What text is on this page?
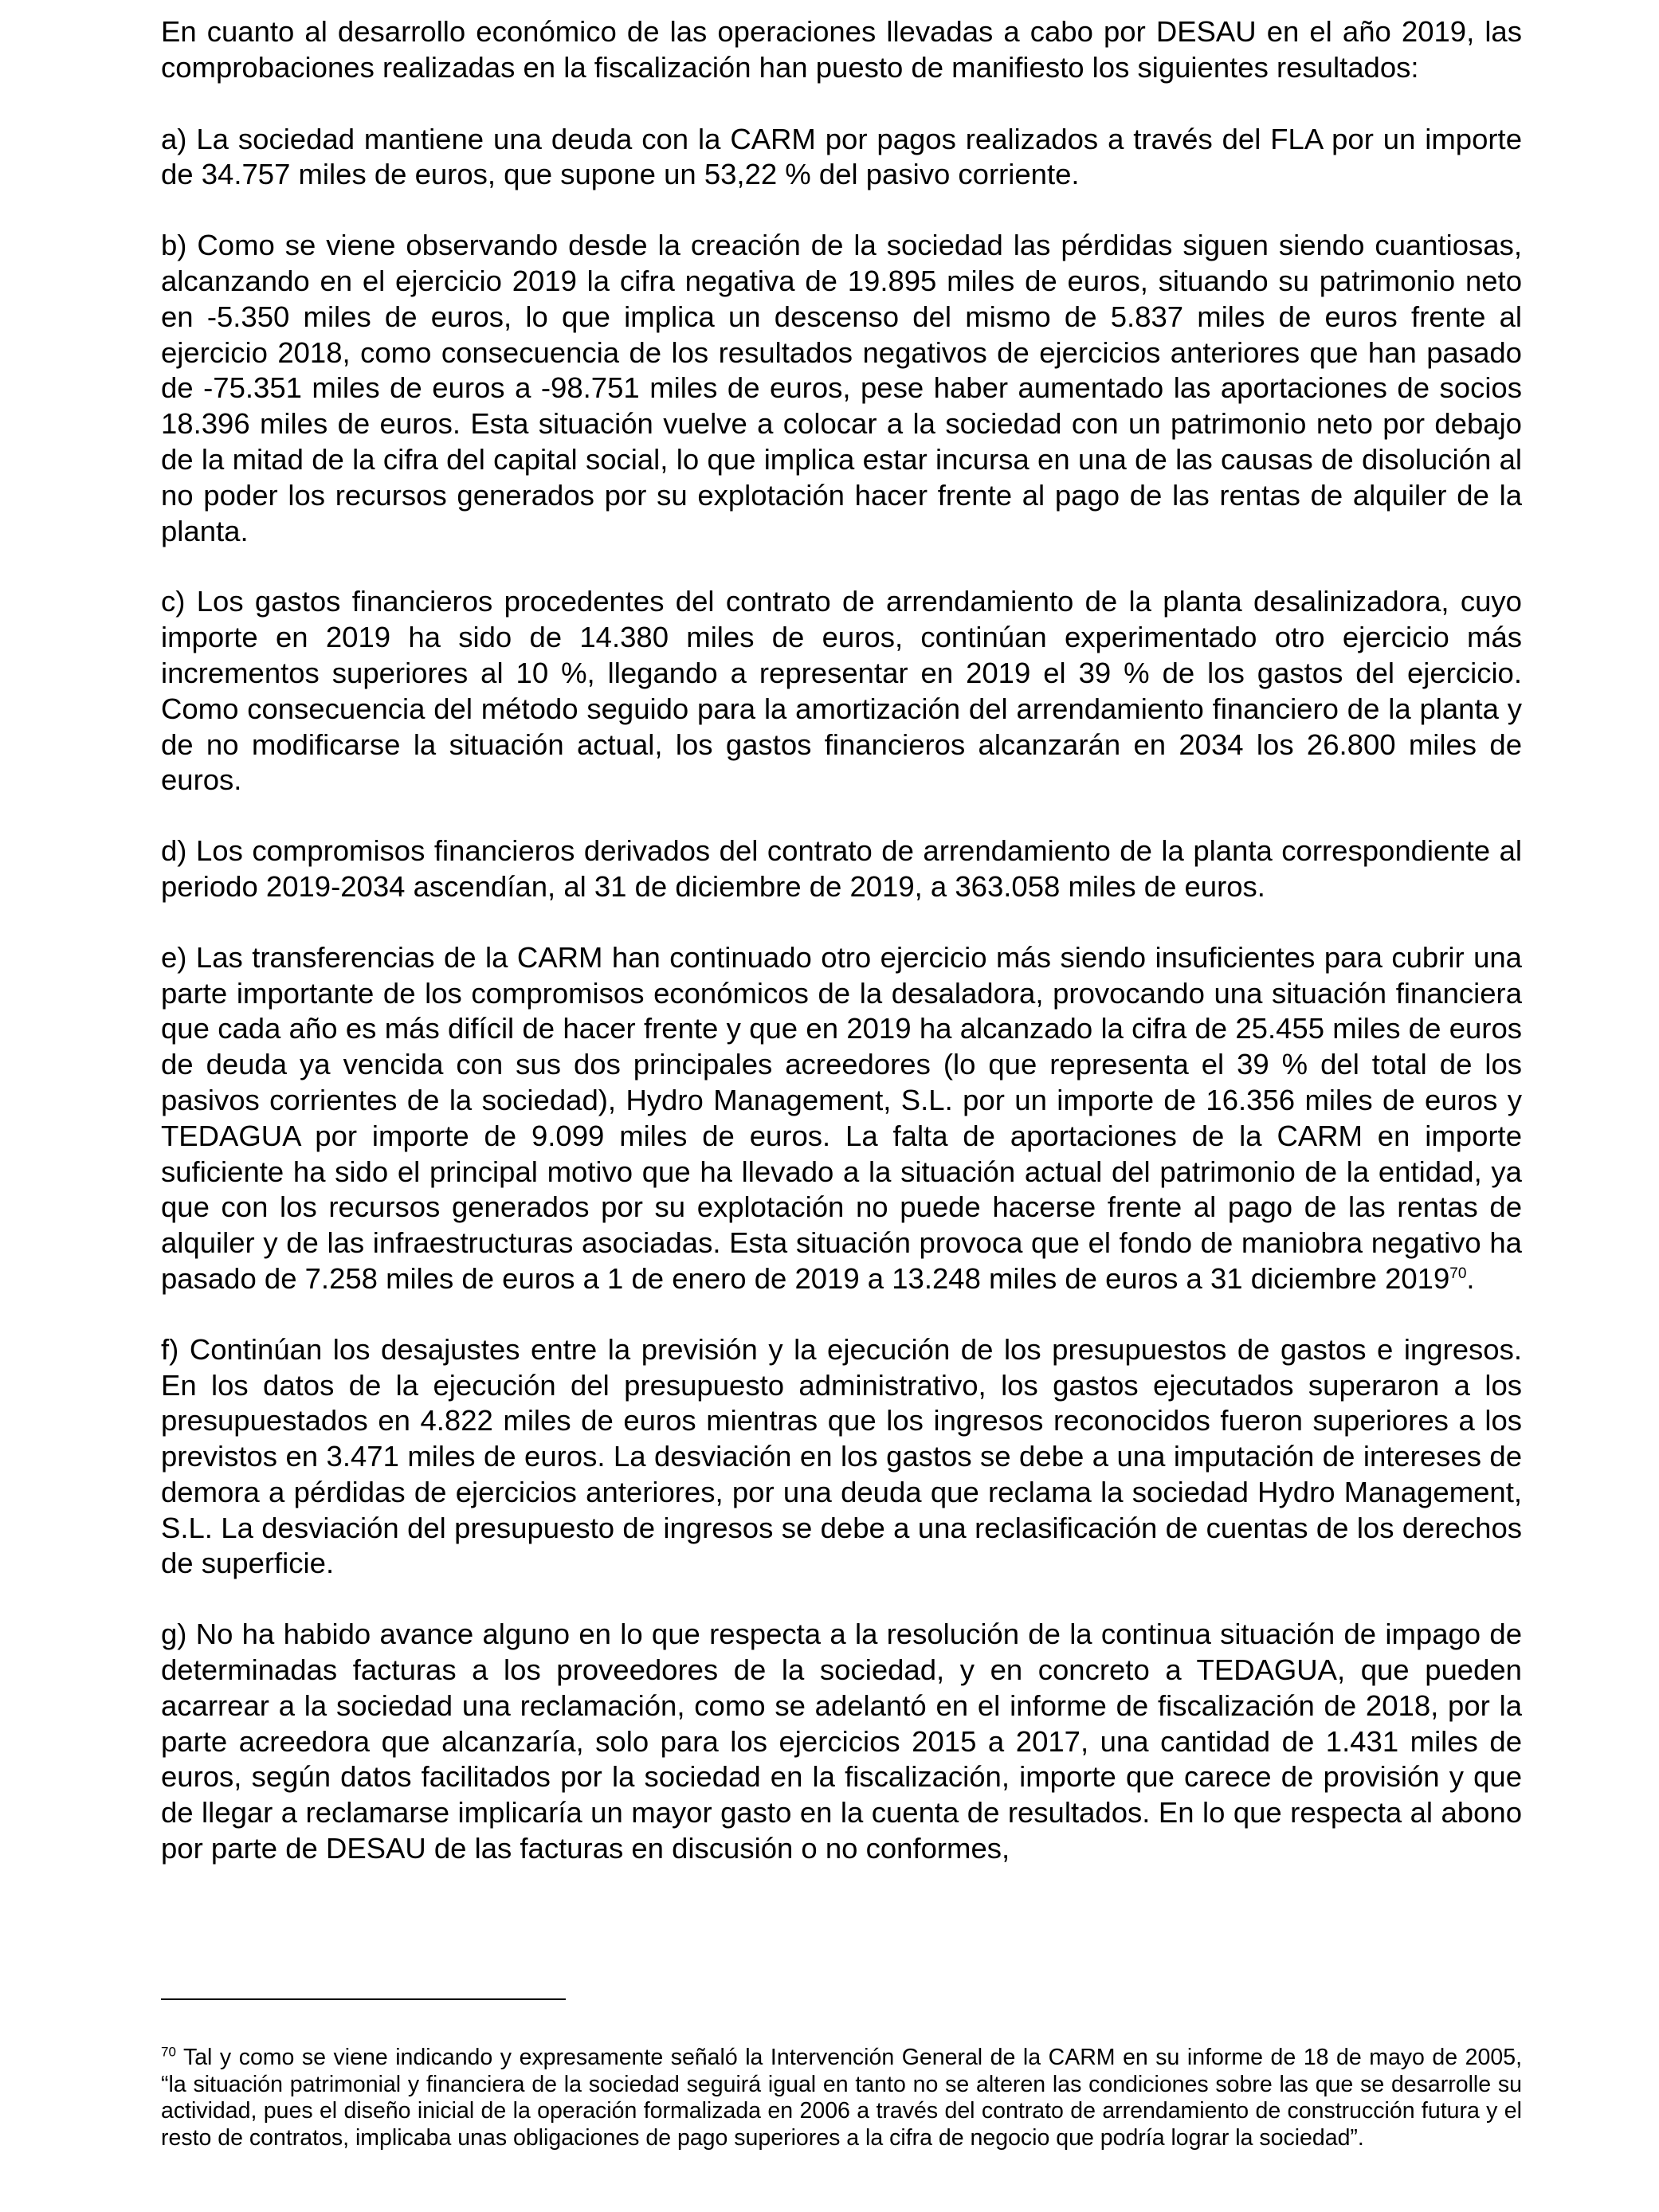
En cuanto al desarrollo económico de las operaciones llevadas a cabo por DESAU en el año 2019, las comprobaciones realizadas en la fiscalización han puesto de manifiesto los siguientes resultados:

a) La sociedad mantiene una deuda con la CARM por pagos realizados a través del FLA por un importe de 34.757 miles de euros, que supone un 53,22 % del pasivo corriente.

b) Como se viene observando desde la creación de la sociedad las pérdidas siguen siendo cuantiosas, alcanzando en el ejercicio 2019 la cifra negativa de 19.895 miles de euros, situando su patrimonio neto en -5.350 miles de euros, lo que implica un descenso del mismo de 5.837 miles de euros frente al ejercicio 2018, como consecuencia de los resultados negativos de ejercicios anteriores que han pasado de -75.351 miles de euros a -98.751 miles de euros, pese haber aumentado las aportaciones de socios 18.396 miles de euros. Esta situación vuelve a colocar a la sociedad con un patrimonio neto por debajo de la mitad de la cifra del capital social, lo que implica estar incursa en una de las causas de disolución al no poder los recursos generados por su explotación hacer frente al pago de las rentas de alquiler de la planta.

c) Los gastos financieros procedentes del contrato de arrendamiento de la planta desalinizadora, cuyo importe en 2019 ha sido de 14.380 miles de euros, continúan experimentado otro ejercicio más incrementos superiores al 10 %, llegando a representar en 2019 el 39 % de los gastos del ejercicio. Como consecuencia del método seguido para la amortización del arrendamiento financiero de la planta y de no modificarse la situación actual, los gastos financieros alcanzarán en 2034 los 26.800 miles de euros.

d) Los compromisos financieros derivados del contrato de arrendamiento de la planta correspondiente al periodo 2019-2034 ascendían, al 31 de diciembre de 2019, a 363.058 miles de euros.

e) Las transferencias de la CARM han continuado otro ejercicio más siendo insuficientes para cubrir una parte importante de los compromisos económicos de la desaladora, provocando una situación financiera que cada año es más difícil de hacer frente y que en 2019 ha alcanzado la cifra de 25.455 miles de euros de deuda ya vencida con sus dos principales acreedores (lo que representa el 39 % del total de los pasivos corrientes de la sociedad), Hydro Management, S.L. por un importe de 16.356 miles de euros y TEDAGUA por importe de 9.099 miles de euros. La falta de aportaciones de la CARM en importe suficiente ha sido el principal motivo que ha llevado a la situación actual del patrimonio de la entidad, ya que con los recursos generados por su explotación no puede hacerse frente al pago de las rentas de alquiler y de las infraestructuras asociadas. Esta situación provoca que el fondo de maniobra negativo ha pasado de 7.258 miles de euros a 1 de enero de 2019 a 13.248 miles de euros a 31 diciembre 2019$^{70}$.

f) Continúan los desajustes entre la previsión y la ejecución de los presupuestos de gastos e ingresos. En los datos de la ejecución del presupuesto administrativo, los gastos ejecutados superaron a los presupuestados en 4.822 miles de euros mientras que los ingresos reconocidos fueron superiores a los previstos en 3.471 miles de euros. La desviación en los gastos se debe a una imputación de intereses de demora a pérdidas de ejercicios anteriores, por una deuda que reclama la sociedad Hydro Management, S.L. La desviación del presupuesto de ingresos se debe a una reclasificación de cuentas de los derechos de superficie.

g) No ha habido avance alguno en lo que respecta a la resolución de la continua situación de impago de determinadas facturas a los proveedores de la sociedad, y en concreto a TEDAGUA, que pueden acarrear a la sociedad una reclamación, como se adelantó en el informe de fiscalización de 2018, por la parte acreedora que alcanzaría, solo para los ejercicios 2015 a 2017, una cantidad de 1.431 miles de euros, según datos facilitados por la sociedad en la fiscalización, importe que carece de provisión y que de llegar a reclamarse implicaría un mayor gasto en la cuenta de resultados. En lo que respecta al abono por parte de DESAU de las facturas en discusión o no conformes,

$^{70}$ Tal y como se viene indicando y expresamente señaló la Intervención General de la CARM en su informe de 18 de mayo de 2005, “la situación patrimonial y financiera de la sociedad seguirá igual en tanto no se alteren las condiciones sobre las que se desarrolle su actividad, pues el diseño inicial de la operación formalizada en 2006 a través del contrato de arrendamiento de construcción futura y el resto de contratos, implicaba unas obligaciones de pago superiores a la cifra de negocio que podría lograr la sociedad”.
